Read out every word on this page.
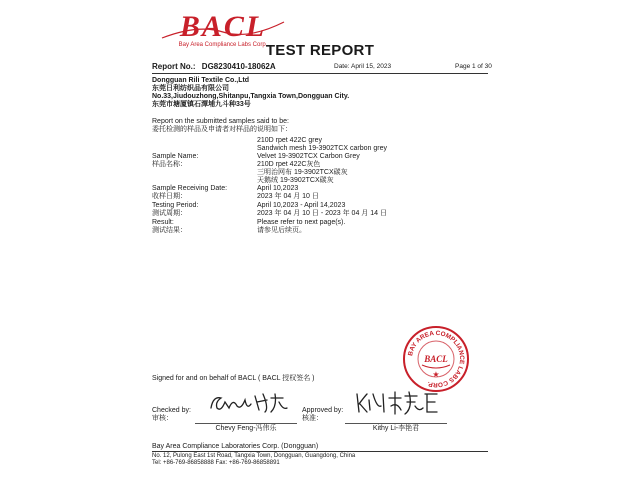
BACL
Bay Area Compliance Labs Corp.
TEST REPORT
Report No.: DG8230410-18062A	Date: April 15, 2023	Page 1 of 30
Dongguan Rili Textile Co.,Ltd
东莞日利纺织品有限公司
No.33,Jiudouzhong,Shitanpu,Tangxia Town,Dongguan City.
东莞市塘厦镇石潭埔九斗种33号
Report on the submitted samples said to be:
委托检测的样品及申请者对样品的说明如下：
210D rpet 422C grey
Sandwich mesh 19-3902TCX carbon grey
Sample Name:	Velvet 19-3902TCX Carbon Grey
样品名称：	210D rpet 422C灰色
三明治网布 19-3902TCX碳灰
天鹅绒 19-3902TCX碳灰
Sample Receiving Date:	April 10,2023
收样日期：	2023 年 04 月 10 日
Testing Period:	April 10,2023 - April 14,2023
测试周期：	2023 年 04 月 10 日 - 2023 年 04 月 14 日
Result:	Please refer to next page(s).
测试结果：	请参见后续页。
BAY AREA COMPLIANCE LABS CORP.
BACL
★
Signed for and on behalf of BACL ( BACL 授权签名 )
Checked by:
审核：
Approved by:
核准：
Chevy Feng-冯伟乐	Kithy Li-李艳君
Bay Area Compliance Laboratories Corp. (Dongguan)
No. 12, Pulong East 1st Road, Tangxia Town, Dongguan, Guangdong, China
Tel: +86-769-86858888 Fax: +86-769-86858891
